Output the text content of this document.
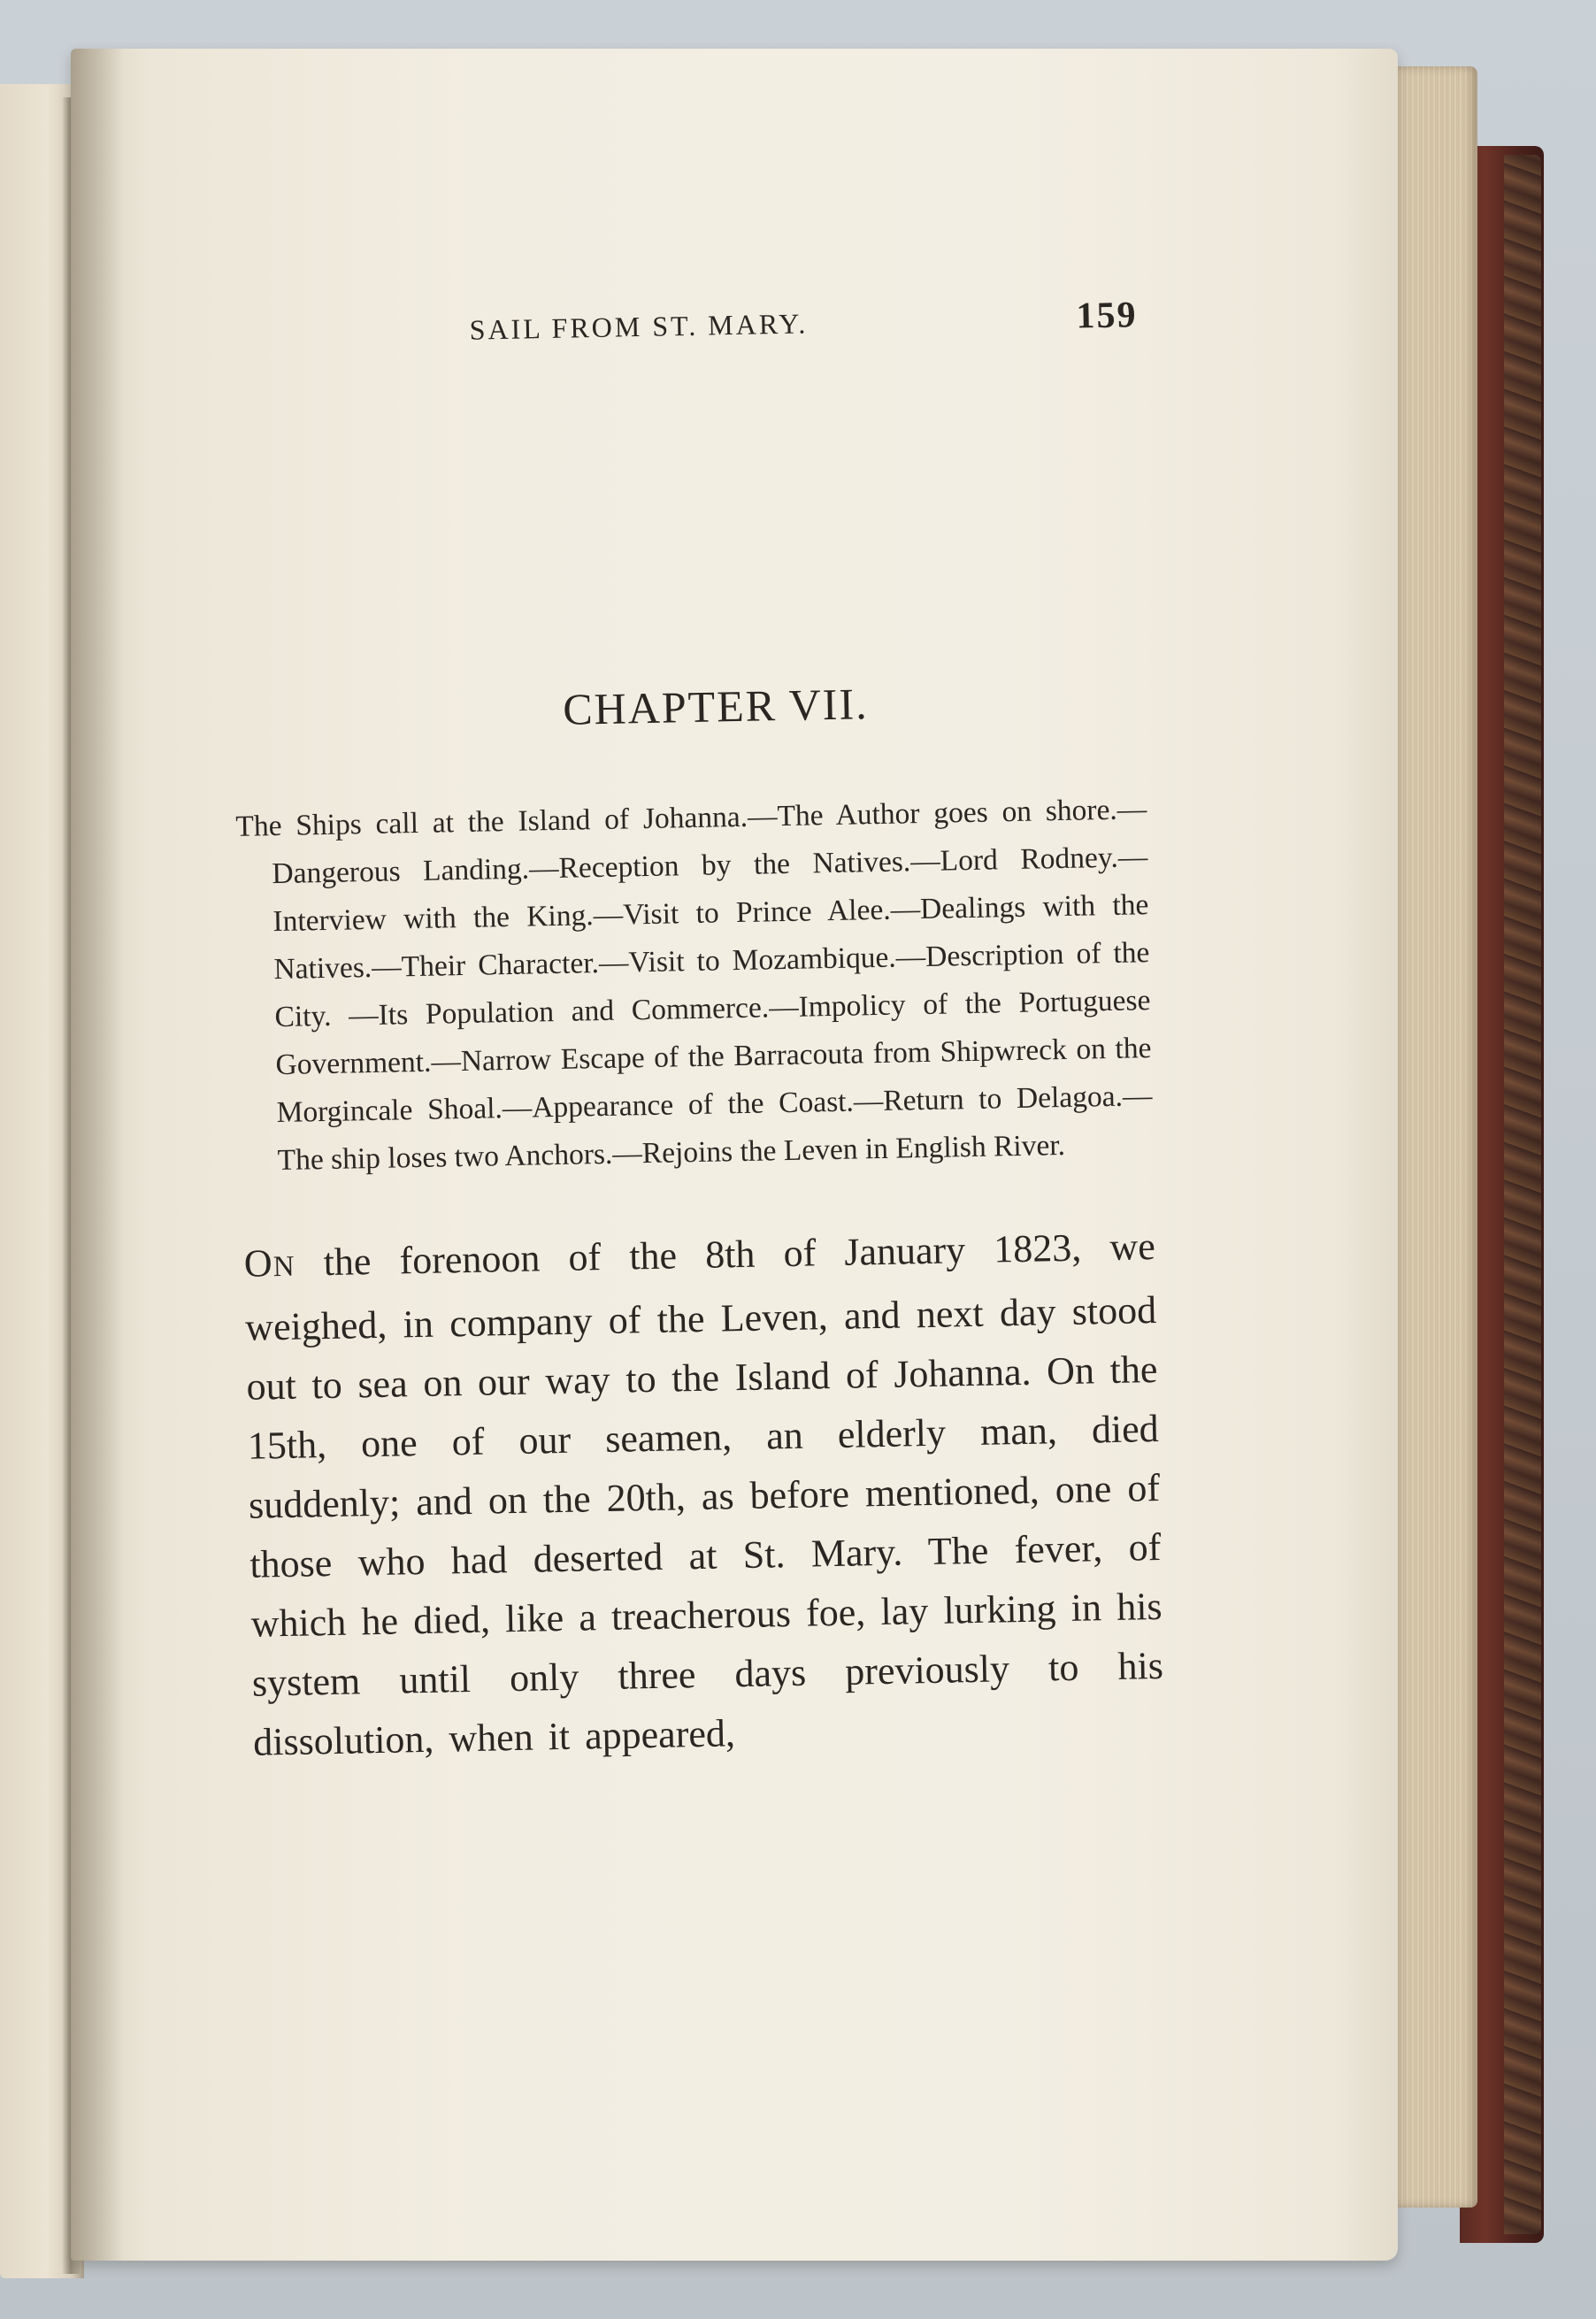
SAIL FROM ST. MARY.	159
CHAPTER VII.

The Ships call at the Island of Johanna.—The Author goes on shore.—Dangerous Landing.—Reception by the Natives.—Lord Rodney.—Interview with the King.—Visit to Prince Alee.—Dealings with the Natives.—Their Character.—Visit to Mozambique.—Description of the City. —Its Population and Commerce.—Impolicy of the Portuguese Government.—Narrow Escape of the Barracouta from Shipwreck on the Morgincale Shoal.—Appearance of the Coast.—Return to Delagoa.—The ship loses two Anchors.—Rejoins the Leven in English River.

ON the forenoon of the 8th of January 1823, we weighed, in company of the Leven, and next day stood out to sea on our way to the Island of Johanna. On the 15th, one of our seamen, an elderly man, died suddenly; and on the 20th, as before mentioned, one of those who had deserted at St. Mary. The fever, of which he died, like a treacherous foe, lay lurking in his system until only three days previously to his dissolution, when it appeared,
